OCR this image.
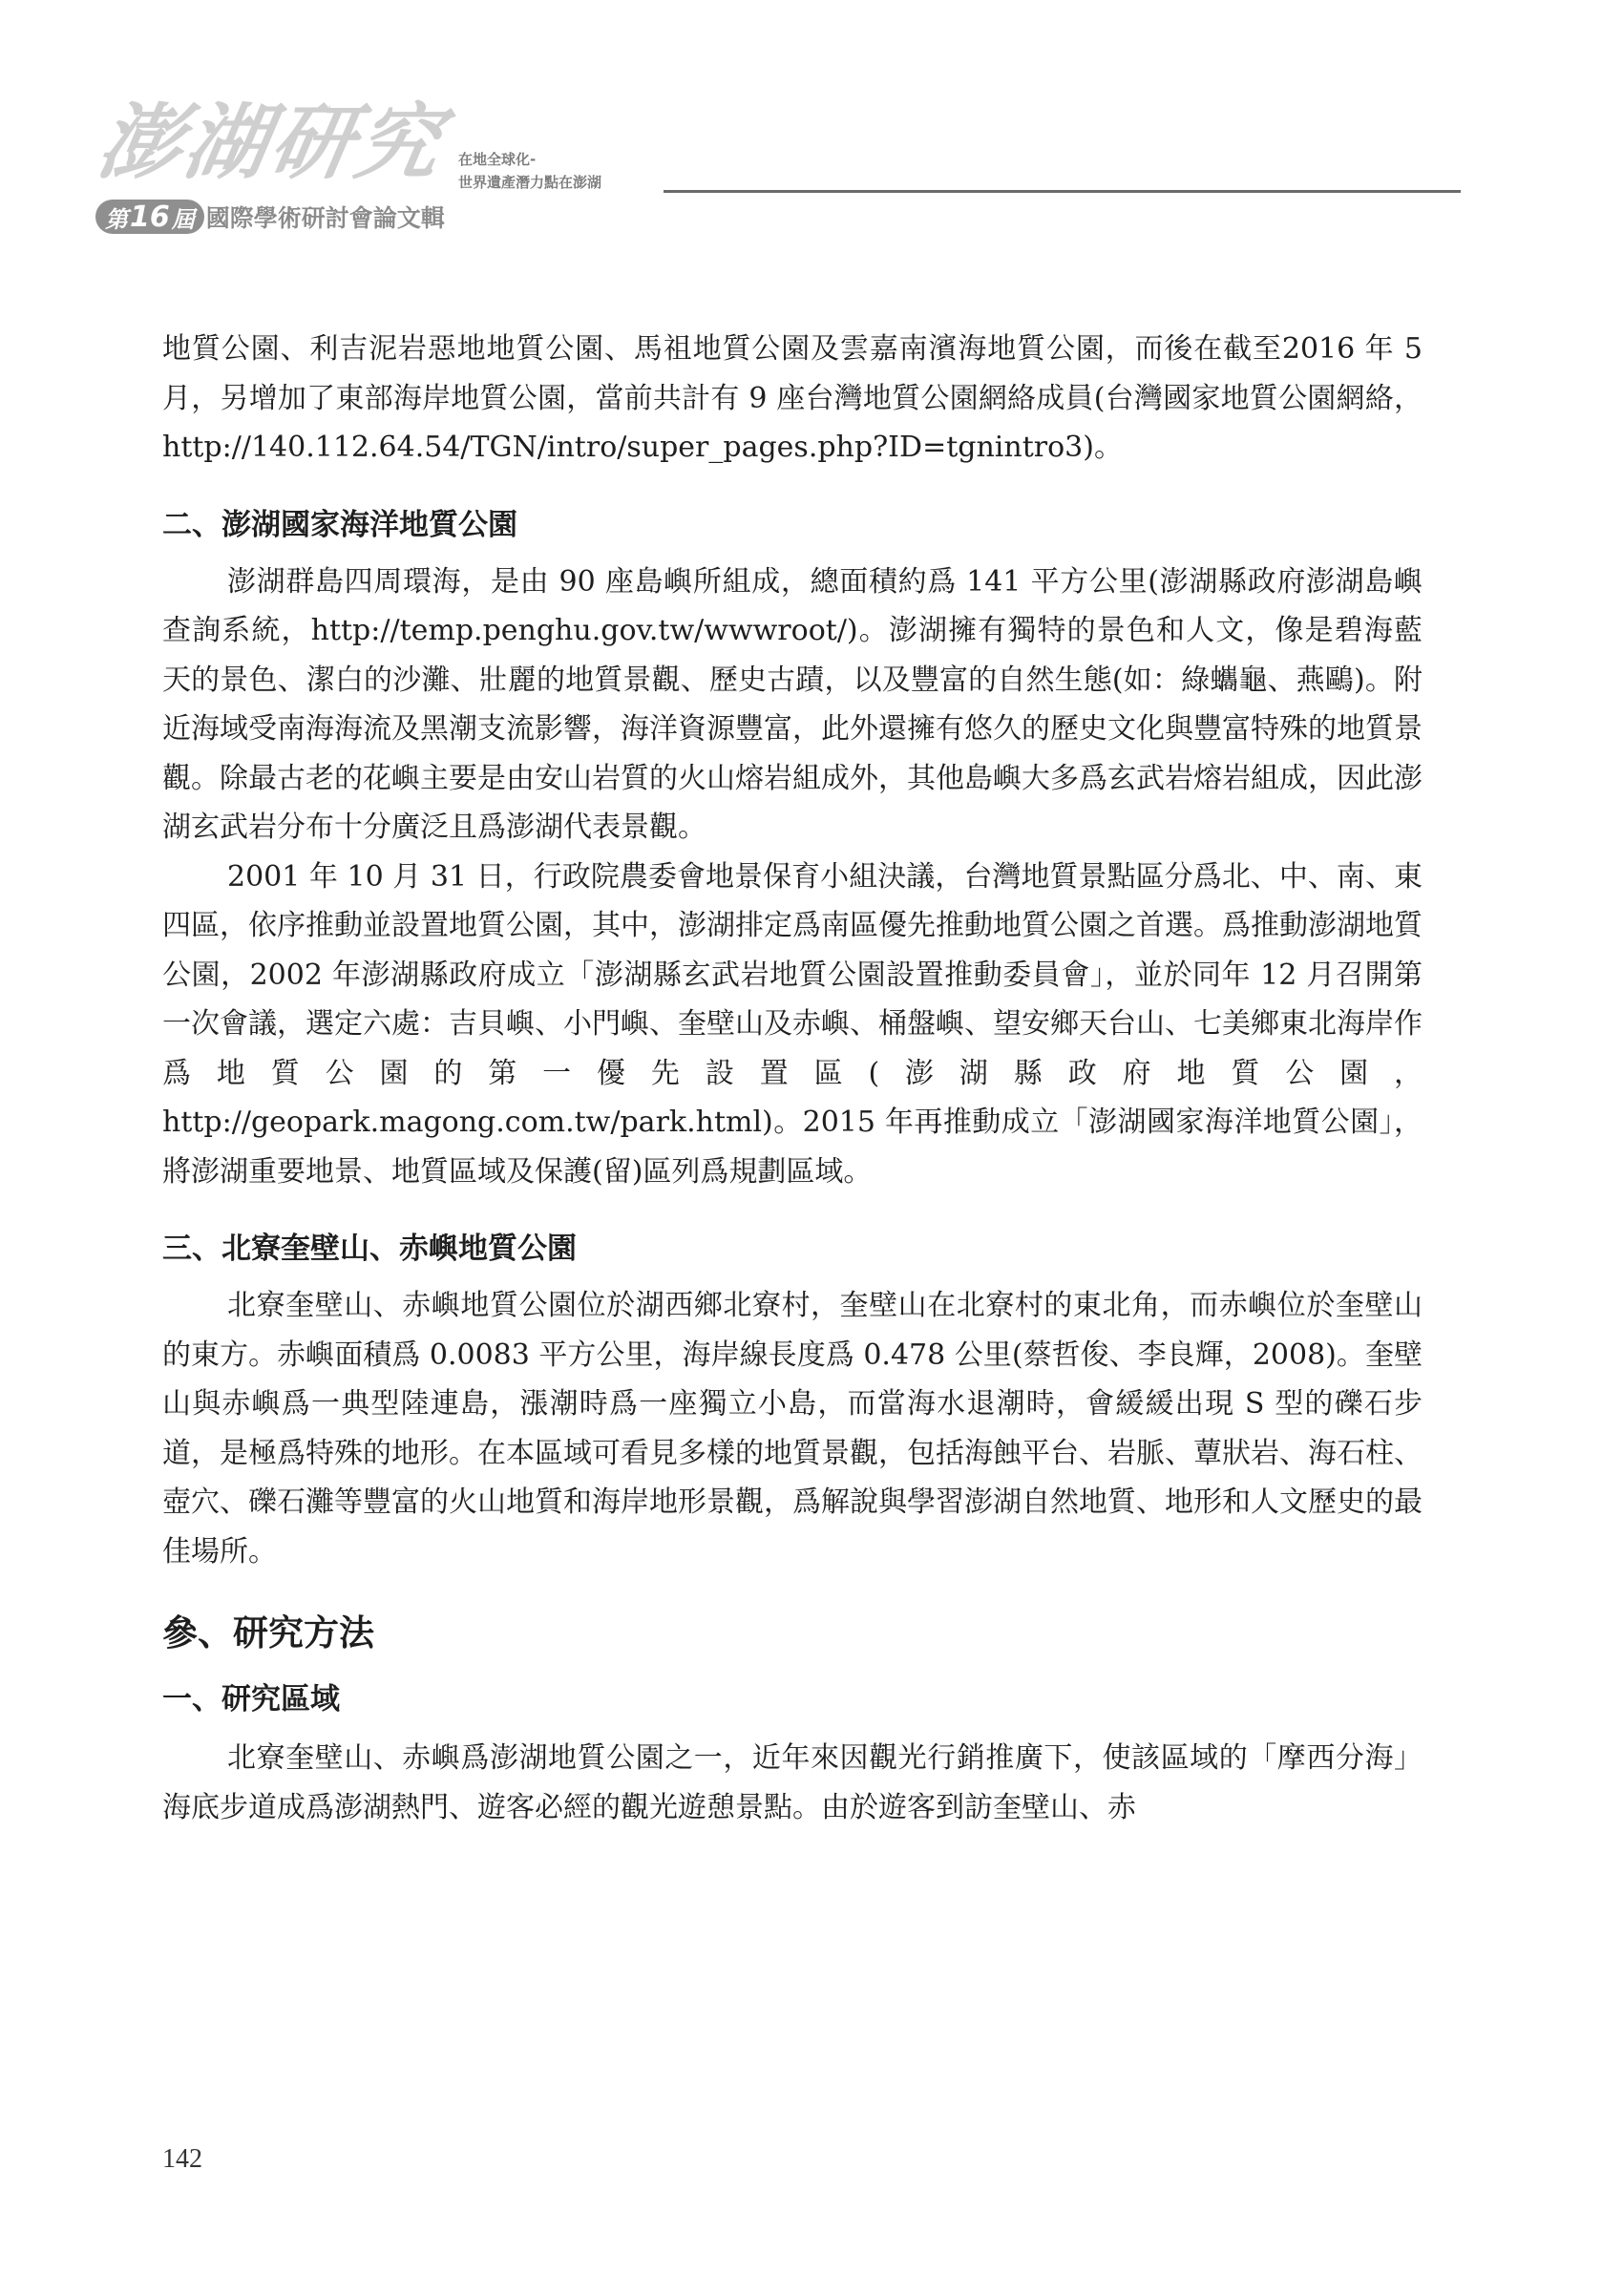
澎湖研究
第 16 屆 國際學術研討會論文輯
在地全球化-
世界遺產潛力點在澎湖

地質公園、利吉泥岩惡地地質公園、馬祖地質公園及雲嘉南濱海地質公園，而後在截至2016 年 5 月，另增加了東部海岸地質公園，當前共計有 9 座台灣地質公園網絡成員(台灣國家地質公園網絡，http://140.112.64.54/TGN/intro/super_pages.php?ID=tgnintro3)。

二、澎湖國家海洋地質公園

澎湖群島四周環海，是由 90 座島嶼所組成，總面積約爲 141 平方公里(澎湖縣政府澎湖島嶼查詢系統，http://temp.penghu.gov.tw/wwwroot/)。澎湖擁有獨特的景色和人文，像是碧海藍天的景色、潔白的沙灘、壯麗的地質景觀、歷史古蹟，以及豐富的自然生態(如：綠蠵龜、燕鷗)。附近海域受南海海流及黑潮支流影響，海洋資源豐富，此外還擁有悠久的歷史文化與豐富特殊的地質景觀。除最古老的花嶼主要是由安山岩質的火山熔岩組成外，其他島嶼大多爲玄武岩熔岩組成，因此澎湖玄武岩分布十分廣泛且爲澎湖代表景觀。

2001 年 10 月 31 日，行政院農委會地景保育小組決議，台灣地質景點區分爲北、中、南、東四區，依序推動並設置地質公園，其中，澎湖排定爲南區優先推動地質公園之首選。爲推動澎湖地質公園，2002 年澎湖縣政府成立「澎湖縣玄武岩地質公園設置推動委員會」，並於同年 12 月召開第一次會議，選定六處：吉貝嶼、小門嶼、奎壁山及赤嶼、桶盤嶼、望安鄉天台山、七美鄉東北海岸作爲地質公園的第一優先設置區(澎湖縣政府地質公園，http://geopark.magong.com.tw/park.html)。2015 年再推動成立「澎湖國家海洋地質公園」，將澎湖重要地景、地質區域及保護(留)區列爲規劃區域。

三、北寮奎壁山、赤嶼地質公園

北寮奎壁山、赤嶼地質公園位於湖西鄉北寮村，奎壁山在北寮村的東北角，而赤嶼位於奎壁山的東方。赤嶼面積爲 0.0083 平方公里，海岸線長度爲 0.478 公里(蔡哲俊、李良輝，2008)。奎壁山與赤嶼爲一典型陸連島，漲潮時爲一座獨立小島，而當海水退潮時，會緩緩出現 S 型的礫石步道，是極爲特殊的地形。在本區域可看見多樣的地質景觀，包括海蝕平台、岩脈、蕈狀岩、海石柱、壺穴、礫石灘等豐富的火山地質和海岸地形景觀，爲解說與學習澎湖自然地質、地形和人文歷史的最佳場所。

參、研究方法
一、研究區域

北寮奎壁山、赤嶼爲澎湖地質公園之一，近年來因觀光行銷推廣下，使該區域的「摩西分海」海底步道成爲澎湖熱門、遊客必經的觀光遊憩景點。由於遊客到訪奎壁山、赤

142
